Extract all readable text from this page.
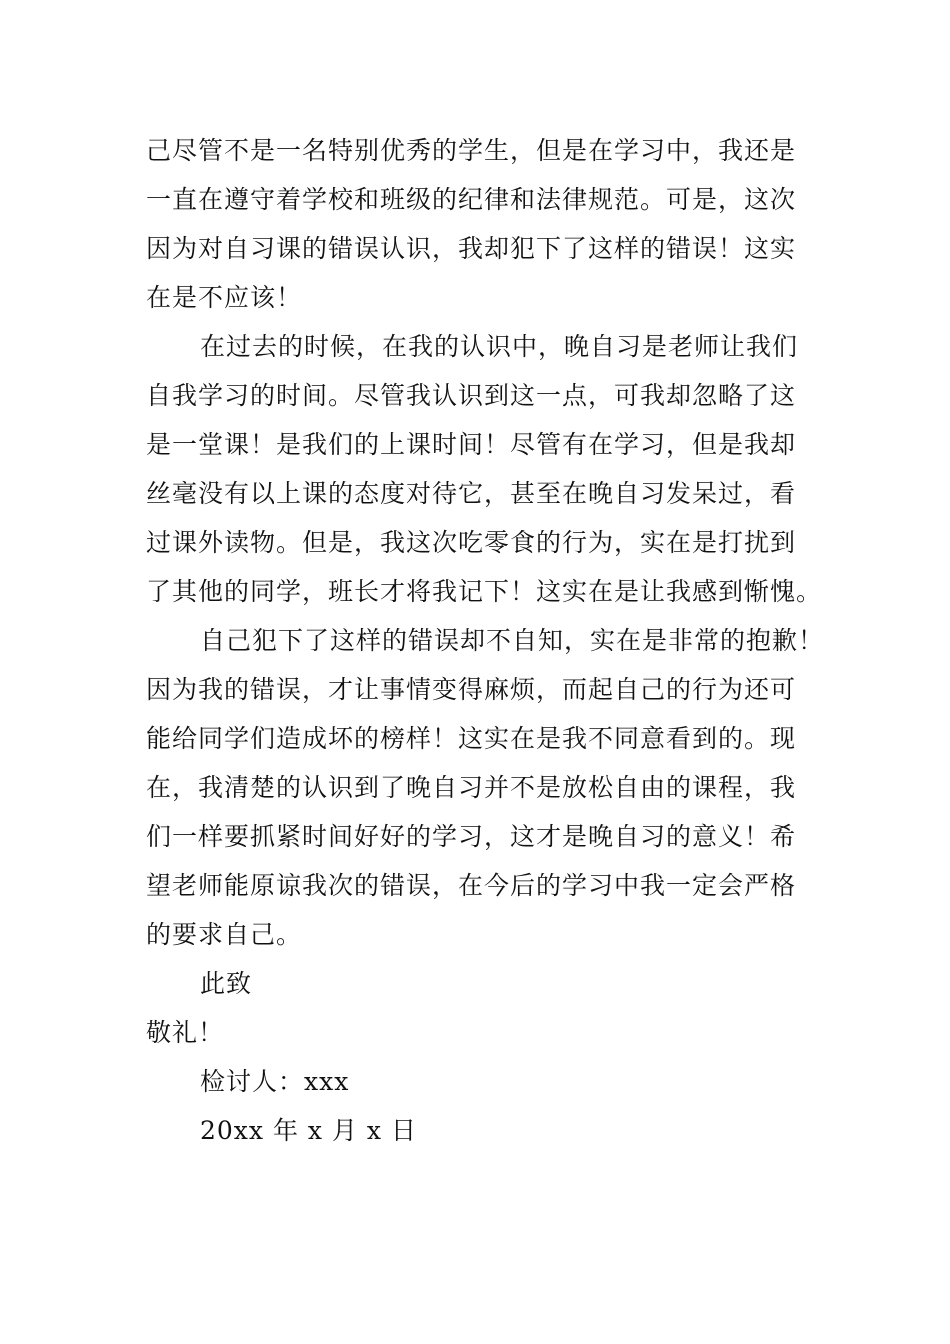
己尽管不是一名特别优秀的学生，但是在学习中，我还是
一直在遵守着学校和班级的纪律和法律规范。可是，这次
因为对自习课的错误认识，我却犯下了这样的错误！这实
在是不应该！
在过去的时候，在我的认识中，晚自习是老师让我们
自我学习的时间。尽管我认识到这一点，可我却忽略了这
是一堂课！是我们的上课时间！尽管有在学习，但是我却
丝毫没有以上课的态度对待它，甚至在晚自习发呆过，看
过课外读物。但是，我这次吃零食的行为，实在是打扰到
了其他的同学，班长才将我记下！这实在是让我感到惭愧。
自己犯下了这样的错误却不自知，实在是非常的抱歉！
因为我的错误，才让事情变得麻烦，而起自己的行为还可
能给同学们造成坏的榜样！这实在是我不同意看到的。现
在，我清楚的认识到了晚自习并不是放松自由的课程，我
们一样要抓紧时间好好的学习，这才是晚自习的意义！希
望老师能原谅我次的错误，在今后的学习中我一定会严格
的要求自己。
此致
敬礼！
检讨人：xxx
20xx 年 x 月 x 日
